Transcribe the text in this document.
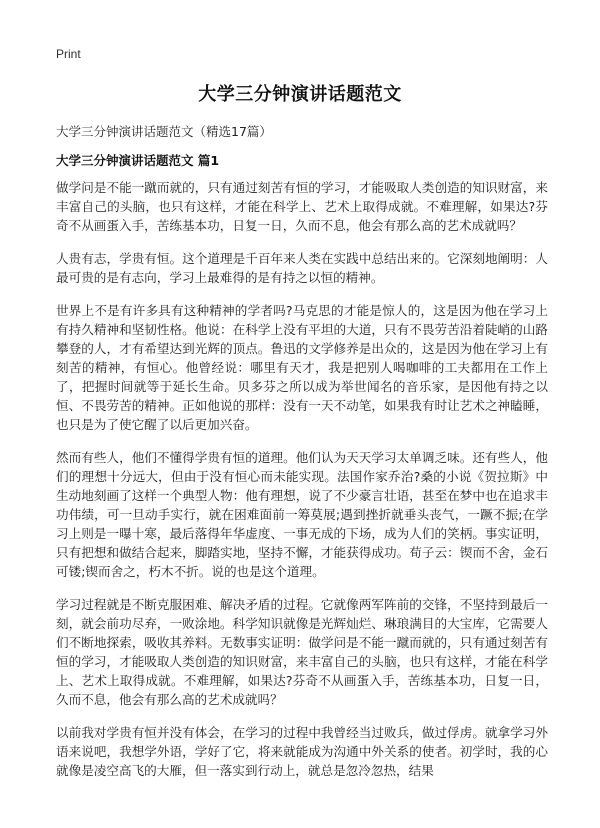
Print
大学三分钟演讲话题范文
大学三分钟演讲话题范文（精选17篇）
大学三分钟演讲话题范文 篇1

做学问是不能一蹴而就的，只有通过刻苦有恒的学习，才能吸取人类创造的知识财富，来丰富自己的头脑，也只有这样，才能在科学上、艺术上取得成就。不难理解，如果达?芬奇不从画蛋入手，苦练基本功，日复一日，久而不息，他会有那么高的艺术成就吗？

人贵有志，学贵有恒。这个道理是千百年来人类在实践中总结出来的。它深刻地阐明：人最可贵的是有志向，学习上最难得的是有持之以恒的精神。

世界上不是有许多具有这种精神的学者吗?马克思的才能是惊人的，这是因为他在学习上有持久精神和坚韧性格。他说：在科学上没有平坦的大道，只有不畏劳苦沿着陡峭的山路攀登的人，才有希望达到光辉的顶点。鲁迅的文学修养是出众的，这是因为他在学习上有刻苦的精神，有恒心。他曾经说：哪里有天才，我是把别人喝咖啡的工夫都用在工作上了，把握时间就等于延长生命。贝多芬之所以成为举世闻名的音乐家，是因他有持之以恒、不畏劳苦的精神。正如他说的那样：没有一天不动笔，如果我有时让艺术之神瞌睡，也只是为了使它醒了以后更加兴奋。

然而有些人，他们不懂得学贵有恒的道理。他们认为天天学习太单调乏味。还有些人，他们的理想十分远大，但由于没有恒心而未能实现。法国作家乔治?桑的小说《贺拉斯》中生动地刻画了这样一个典型人物：他有理想，说了不少豪言壮语，甚至在梦中也在追求丰功伟绩，可一旦动手实行，就在困难面前一筹莫展;遇到挫折就垂头丧气，一蹶不振;在学习上则是一曝十寒，最后落得年华虚度、一事无成的下场，成为人们的笑柄。事实证明，只有把想和做结合起来，脚踏实地，坚持不懈，才能获得成功。荀子云：锲而不舍，金石可镂;锲而舍之，朽木不折。说的也是这个道理。

学习过程就是不断克服困难、解决矛盾的过程。它就像两军阵前的交锋，不坚持到最后一刻，就会前功尽弃，一败涂地。科学知识就像是光辉灿烂、琳琅满目的大宝库，它需要人们不断地探索，吸收其养料。无数事实证明：做学问是不能一蹴而就的，只有通过刻苦有恒的学习，才能吸取人类创造的知识财富，来丰富自己的头脑，也只有这样，才能在科学上、艺术上取得成就。不难理解，如果达?芬奇不从画蛋入手，苦练基本功，日复一日，久而不息，他会有那么高的艺术成就吗？

以前我对学贵有恒并没有体会，在学习的过程中我曾经当过败兵，做过俘虏。就拿学习外语来说吧，我想学外语，学好了它，将来就能成为沟通中外关系的使者。初学时，我的心就像是凌空高飞的大雁，但一落实到行动上，就总是忽冷忽热，结果
